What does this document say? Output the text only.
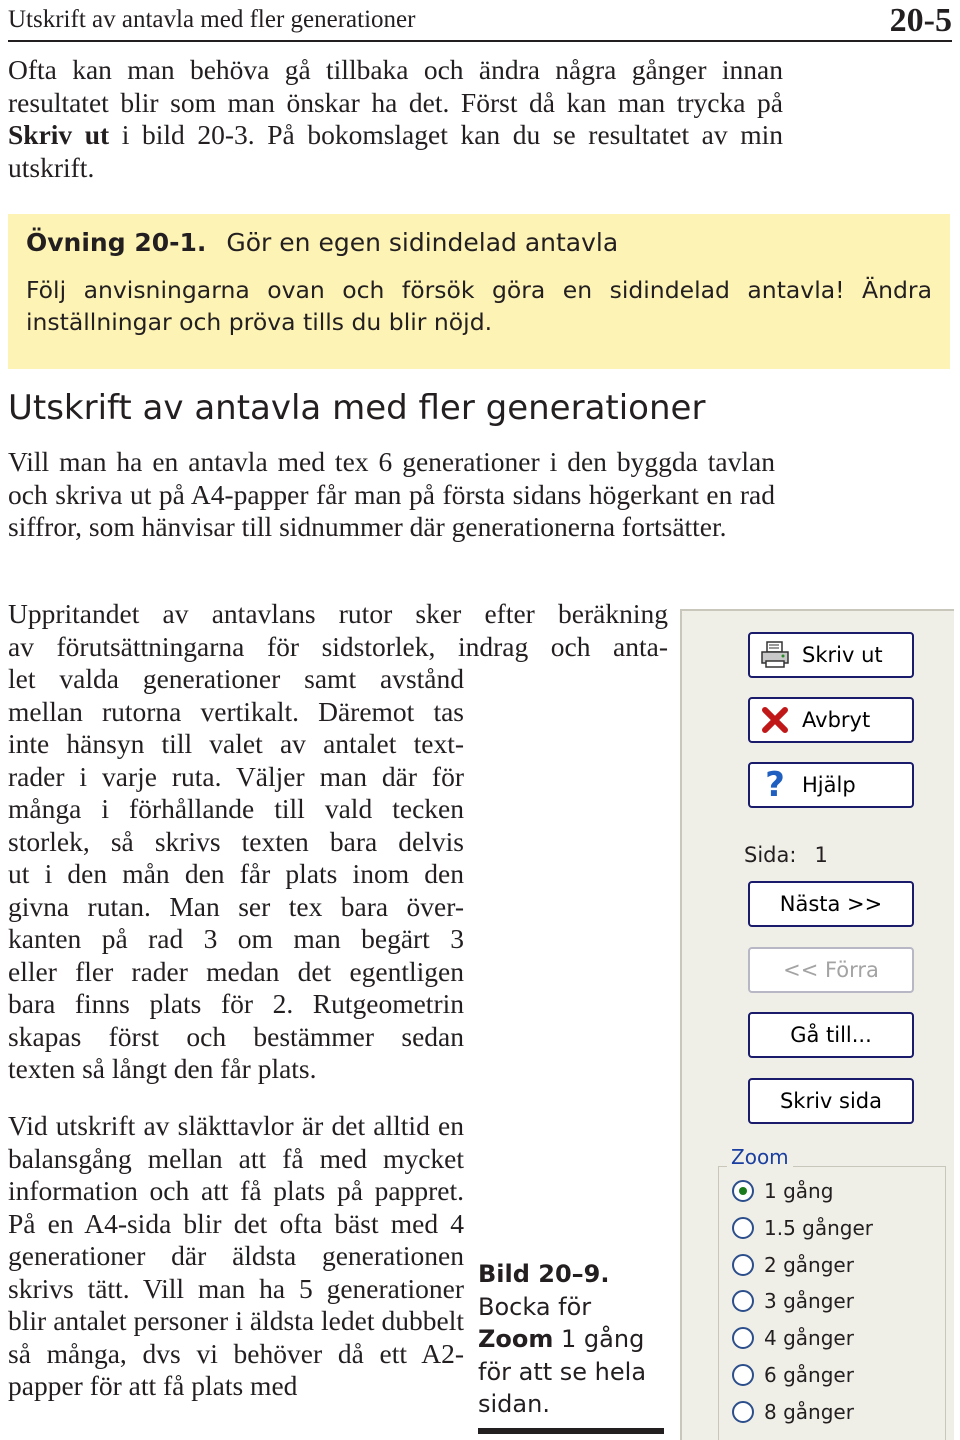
Utskrift av antavla med fler generationer	20-5

Ofta kan man behöva gå tillbaka och ändra några gånger innan resultatet blir som man önskar ha det. Först då kan man trycka på Skriv ut i bild 20-3. På bokomslaget kan du se resultatet av min utskrift.

Övning 20-1. Gör en egen sidindelad antavla
Följ anvisningarna ovan och försök göra en sidindelad antavla! Ändra inställningar och pröva tills du blir nöjd.
Utskrift av antavla med fler generationer

Vill man ha en antavla med tex 6 generationer i den byggda tavlan och skriva ut på A4-papper får man på första sidans högerkant en rad siffror, som hänvisar till sidnummer där generationerna fortsätter.

Uppritandet av antavlans rutor sker efter beräkning
av förutsättningarna för sidstorlek, indrag och anta-
let valda generationer samt avstånd
mellan rutorna vertikalt. Däremot tas
inte hänsyn till valet av antalet text-
rader i varje ruta. Väljer man där för
många i förhållande till vald tecken
storlek, så skrivs texten bara delvis
ut i den mån den får plats inom den
givna rutan. Man ser tex bara över-
kanten på rad 3 om man begärt 3
eller fler rader medan det egentligen
bara finns plats för 2. Rutgeometrin
skapas först och bestämmer sedan
texten så långt den får plats.

Vid utskrift av släkttavlor är det alltid en balansgång mellan att få med mycket information och att få plats på pappret. På en A4-sida blir det ofta bäst med 4 generationer där äldsta generationen skrivs tätt. Vill man ha 5 generationer blir antalet personer i äldsta ledet dubbelt så många, dvs vi behöver då ett A2-papper för att få plats med

Bild 20–9.
Bocka för
Zoom 1 gång för att se hela sidan.
Skriv ut
Avbryt
? Hjälp
Sida: 1
Nästa >>
<< Förra
Gå till...
Skriv sida
Zoom
1 gång
1.5 gånger
2 gånger
3 gånger
4 gånger
6 gånger
8 gånger
